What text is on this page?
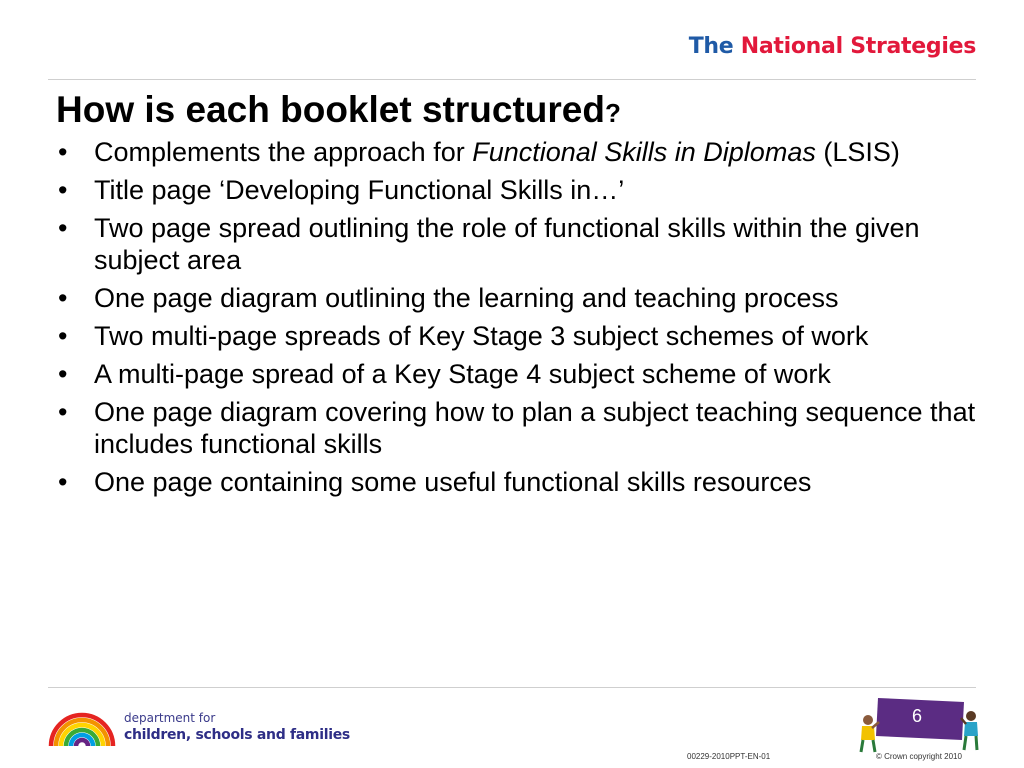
The National Strategies
How is each booklet structured?
• Complements the approach for Functional Skills in Diplomas (LSIS)
• Title page ‘Developing Functional Skills in…’
• Two page spread outlining the role of functional skills within the given subject area
• One page diagram outlining the learning and teaching process
• Two multi-page spreads of Key Stage 3 subject schemes of work
• A multi-page spread of a Key Stage 4 subject scheme of work
• One page diagram covering how to plan a subject teaching sequence that includes functional skills
• One page containing some useful functional skills resources
department for
children, schools and families
6
00229-2010PPT-EN-01	© Crown copyright 2010
